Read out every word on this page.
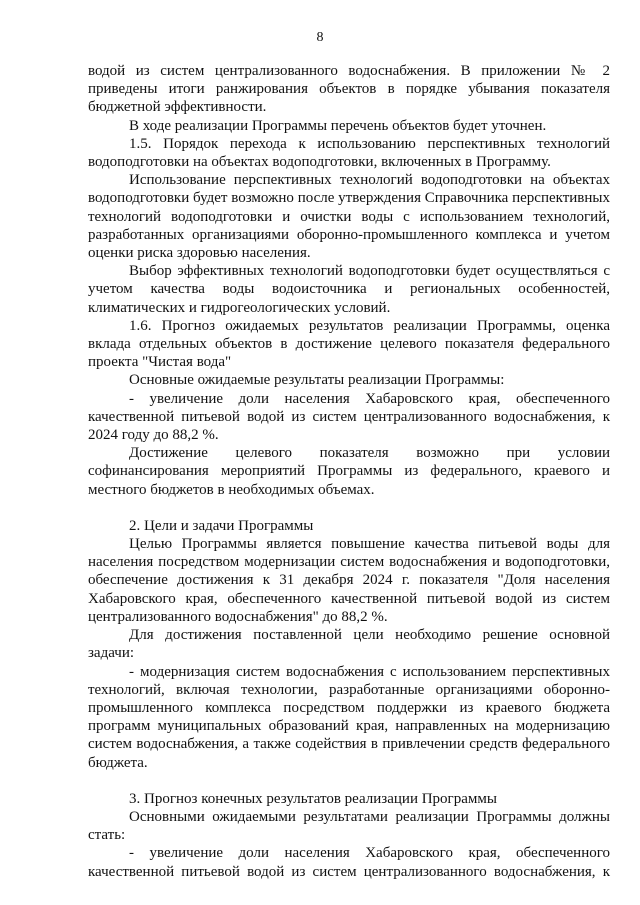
8

водой из систем централизованного водоснабжения. В приложении № 2 приведены итоги ранжирования объектов в порядке убывания показателя бюджетной эффективности.

В ходе реализации Программы перечень объектов будет уточнен.

1.5. Порядок перехода к использованию перспективных технологий водоподготовки на объектах водоподготовки, включенных в Программу.

Использование перспективных технологий водоподготовки на объектах водоподготовки будет возможно после утверждения Справочника перспективных технологий водоподготовки и очистки воды с использованием технологий, разработанных организациями оборонно-промышленного комплекса и учетом оценки риска здоровью населения.

Выбор эффективных технологий водоподготовки будет осуществляться с учетом качества воды водоисточника и региональных особенностей, климатических и гидрогеологических условий.

1.6. Прогноз ожидаемых результатов реализации Программы, оценка вклада отдельных объектов в достижение целевого показателя федерального проекта "Чистая вода"

Основные ожидаемые результаты реализации Программы:

- увеличение доли населения Хабаровского края, обеспеченного качественной питьевой водой из систем централизованного водоснабжения, к 2024 году до 88,2 %.

Достижение целевого показателя возможно при условии софинансирования мероприятий Программы из федерального, краевого и местного бюджетов в необходимых объемах.

2. Цели и задачи Программы

Целью Программы является повышение качества питьевой воды для населения посредством модернизации систем водоснабжения и водоподготовки, обеспечение достижения к 31 декабря 2024 г. показателя "Доля населения Хабаровского края, обеспеченного качественной питьевой водой из систем централизованного водоснабжения" до 88,2 %.

Для достижения поставленной цели необходимо решение основной задачи:

- модернизация систем водоснабжения с использованием перспективных технологий, включая технологии, разработанные организациями оборонно-промышленного комплекса посредством поддержки из краевого бюджета программ муниципальных образований края, направленных на модернизацию систем водоснабжения, а также содействия в привлечении средств федерального бюджета.

3. Прогноз конечных результатов реализации Программы

Основными ожидаемыми результатами реализации Программы должны стать:

- увеличение доли населения Хабаровского края, обеспеченного качественной питьевой водой из систем централизованного водоснабжения, к
